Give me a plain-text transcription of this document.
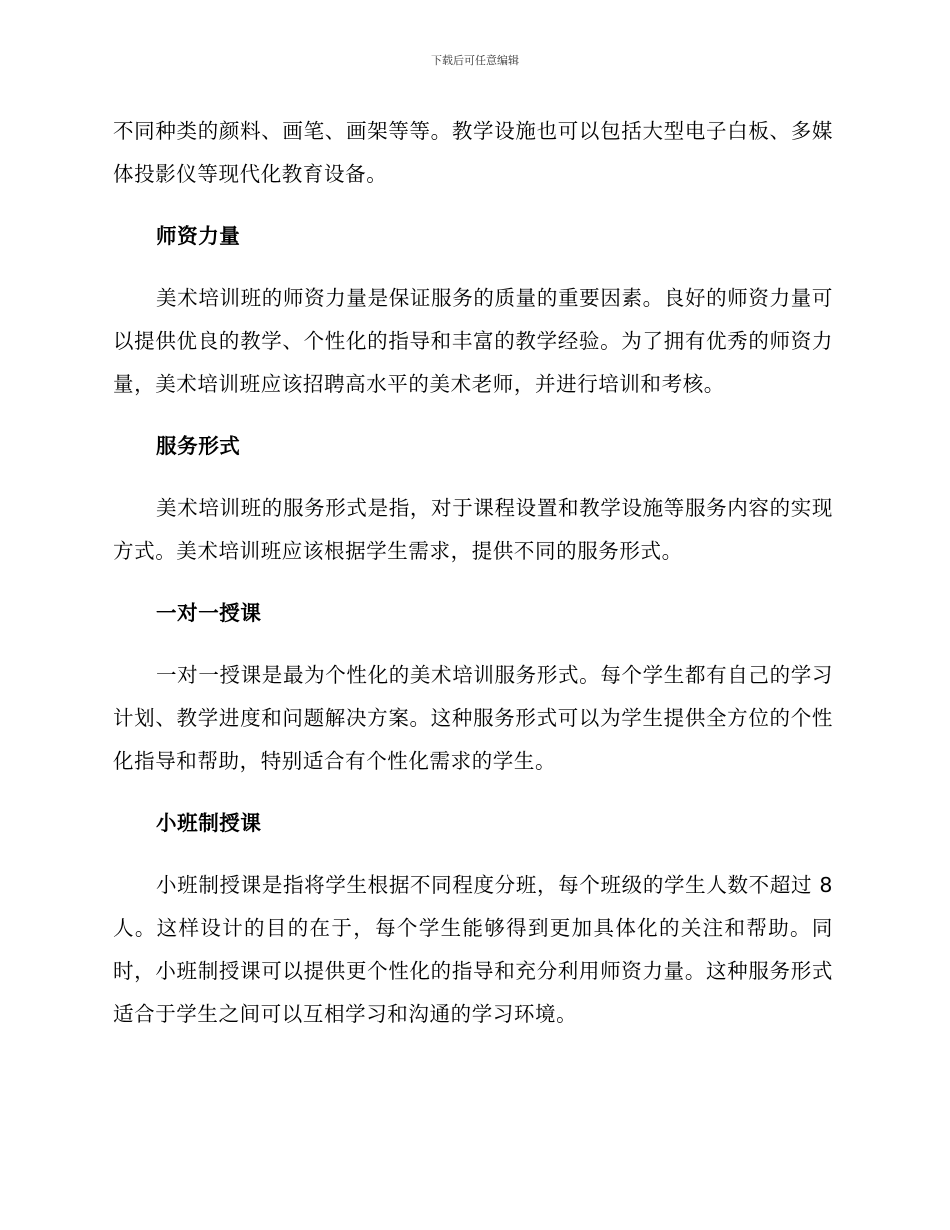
下载后可任意编辑

不同种类的颜料、画笔、画架等等。教学设施也可以包括大型电子白板、多媒体投影仪等现代化教育设备。

师资力量

美术培训班的师资力量是保证服务的质量的重要因素。良好的师资力量可以提供优良的教学、个性化的指导和丰富的教学经验。为了拥有优秀的师资力量，美术培训班应该招聘高水平的美术老师，并进行培训和考核。

服务形式

美术培训班的服务形式是指，对于课程设置和教学设施等服务内容的实现方式。美术培训班应该根据学生需求，提供不同的服务形式。

一对一授课

一对一授课是最为个性化的美术培训服务形式。每个学生都有自己的学习计划、教学进度和问题解决方案。这种服务形式可以为学生提供全方位的个性化指导和帮助，特别适合有个性化需求的学生。

小班制授课

小班制授课是指将学生根据不同程度分班，每个班级的学生人数不超过 8 人。这样设计的目的在于，每个学生能够得到更加具体化的关注和帮助。同时，小班制授课可以提供更个性化的指导和充分利用师资力量。这种服务形式适合于学生之间可以互相学习和沟通的学习环境。
